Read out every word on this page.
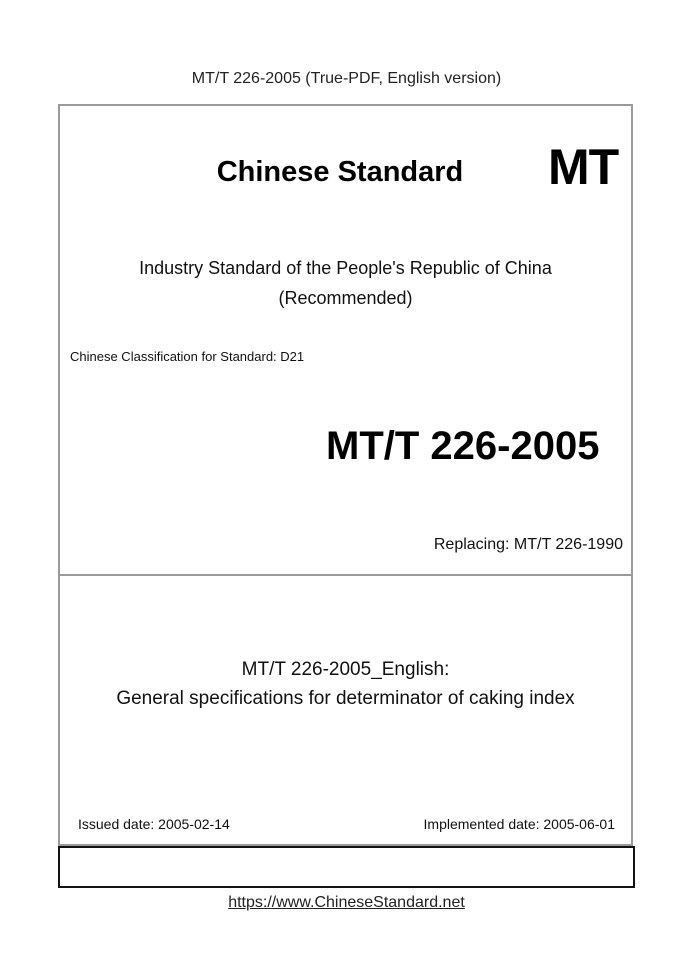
MT/T 226-2005 (True-PDF, English version)
Chinese Standard	MT
Industry Standard of the People's Republic of China
(Recommended)
Chinese Classification for Standard: D21
MT/T 226-2005
Replacing: MT/T 226-1990
MT/T 226-2005_English:
General specifications for determinator of caking index
Issued date: 2005-02-14	Implemented date: 2005-06-01
https://www.ChineseStandard.net
